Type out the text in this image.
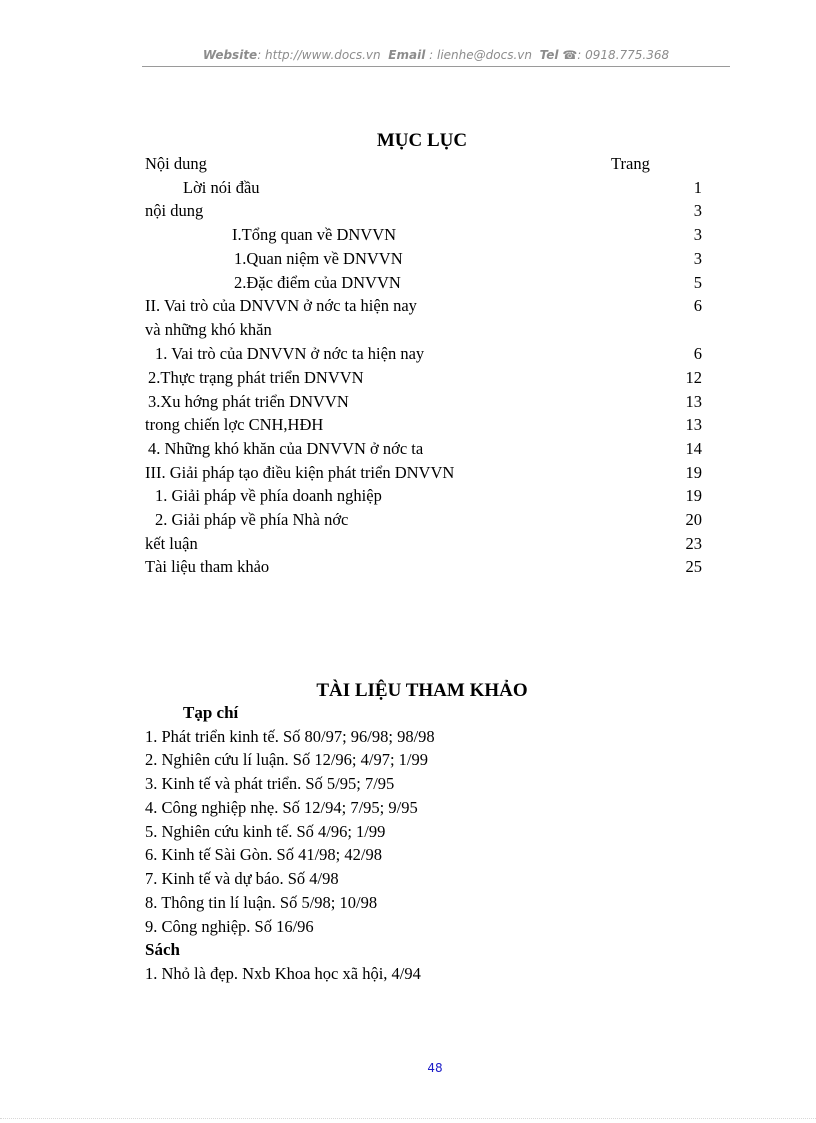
Website: http://www.docs.vn Email : lienhe@docs.vn Tel ☎: 0918.775.368
MỤC LỤC
Nội dung	Trang
Lời nói đầu	1
nội dung	3
I.Tổng quan về DNVVN	3
1.Quan niệm về DNVVN	3
2.Đặc điểm của DNVVN	5
II. Vai trò của DNVVN ở nớc ta hiện nay	6
và những khó khăn
1. Vai trò của DNVVN ở nớc ta hiện nay	6
2.Thực trạng phát triển DNVVN	12
3.Xu hớng phát triển DNVVN	13
trong chiến lợc CNH,HĐH	13
4. Những khó khăn của DNVVN ở nớc ta	14
III. Giải pháp tạo điều kiện phát triển DNVVN	19
1. Giải pháp về phía doanh nghiệp	19
2. Giải pháp về phía Nhà nớc	20
kết luận	23
Tài liệu tham khảo	25
TÀI LIỆU THAM KHẢO
Tạp chí
1. Phát triển kinh tế. Số 80/97; 96/98; 98/98
2. Nghiên cứu lí luận. Số 12/96; 4/97; 1/99
3. Kinh tế và phát triển. Số 5/95; 7/95
4. Công nghiệp nhẹ. Số 12/94; 7/95; 9/95
5. Nghiên cứu kinh tế. Số 4/96; 1/99
6. Kinh tế Sài Gòn. Số 41/98; 42/98
7. Kinh tế và dự báo. Số 4/98
8. Thông tin lí luận. Số 5/98; 10/98
9. Công nghiệp. Số 16/96
Sách
1. Nhỏ là đẹp. Nxb Khoa học xã hội, 4/94
48
